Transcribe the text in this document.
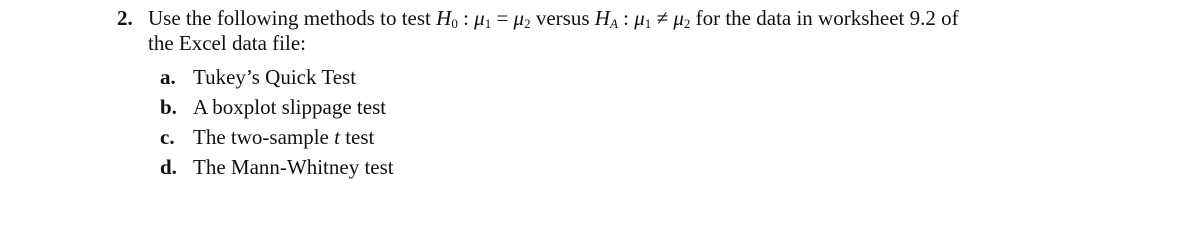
2. Use the following methods to test $H_0$ : $\mu_1 = \mu_2$ versus $H_A$ : $\mu_1 \ne \mu_2$ for the data in worksheet 9.2 of
the Excel data file:
a. Tukey’s Quick Test
b. A boxplot slippage test
c. The two-sample t test
d. The Mann-Whitney test
